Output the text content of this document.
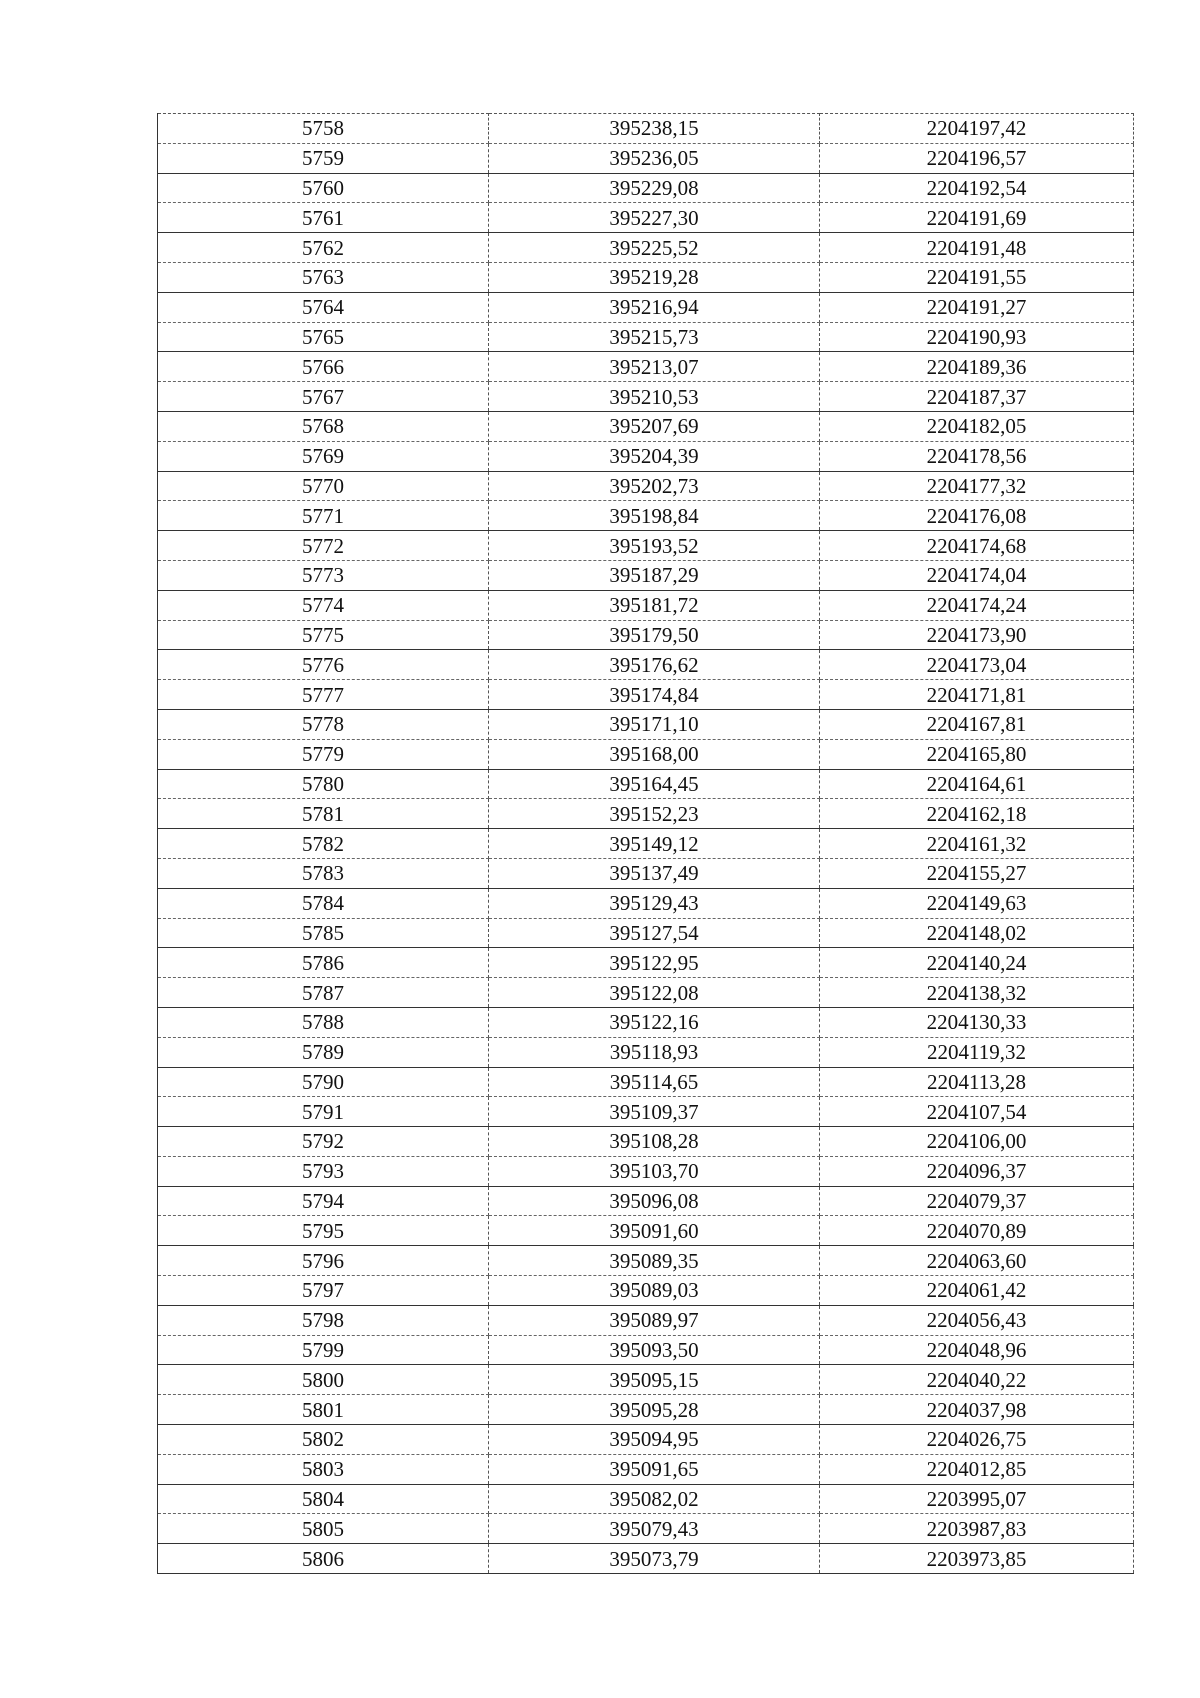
5758	395238,15	2204197,42
5759	395236,05	2204196,57
5760	395229,08	2204192,54
5761	395227,30	2204191,69
5762	395225,52	2204191,48
5763	395219,28	2204191,55
5764	395216,94	2204191,27
5765	395215,73	2204190,93
5766	395213,07	2204189,36
5767	395210,53	2204187,37
5768	395207,69	2204182,05
5769	395204,39	2204178,56
5770	395202,73	2204177,32
5771	395198,84	2204176,08
5772	395193,52	2204174,68
5773	395187,29	2204174,04
5774	395181,72	2204174,24
5775	395179,50	2204173,90
5776	395176,62	2204173,04
5777	395174,84	2204171,81
5778	395171,10	2204167,81
5779	395168,00	2204165,80
5780	395164,45	2204164,61
5781	395152,23	2204162,18
5782	395149,12	2204161,32
5783	395137,49	2204155,27
5784	395129,43	2204149,63
5785	395127,54	2204148,02
5786	395122,95	2204140,24
5787	395122,08	2204138,32
5788	395122,16	2204130,33
5789	395118,93	2204119,32
5790	395114,65	2204113,28
5791	395109,37	2204107,54
5792	395108,28	2204106,00
5793	395103,70	2204096,37
5794	395096,08	2204079,37
5795	395091,60	2204070,89
5796	395089,35	2204063,60
5797	395089,03	2204061,42
5798	395089,97	2204056,43
5799	395093,50	2204048,96
5800	395095,15	2204040,22
5801	395095,28	2204037,98
5802	395094,95	2204026,75
5803	395091,65	2204012,85
5804	395082,02	2203995,07
5805	395079,43	2203987,83
5806	395073,79	2203973,85
